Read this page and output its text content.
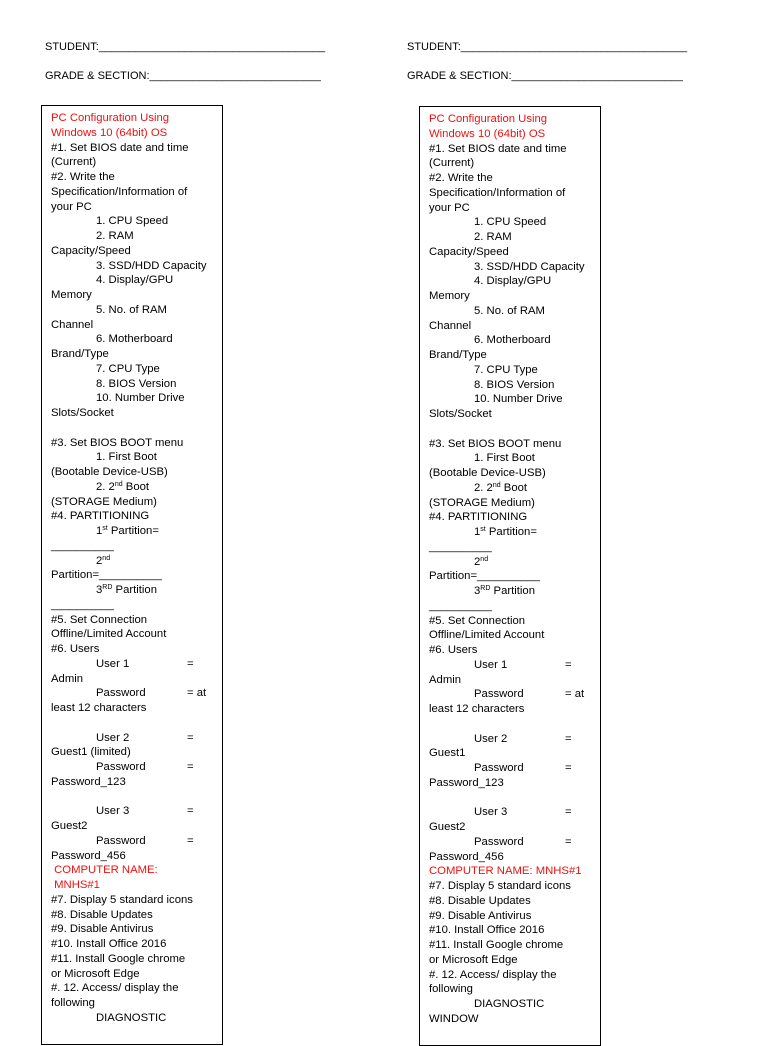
STUDENT:_____________________________________
GRADE & SECTION:____________________________
STUDENT:_____________________________________
GRADE & SECTION:____________________________
PC Configuration Using
Windows 10 (64bit) OS
#1. Set BIOS date and time
(Current)
#2. Write the
Specification/Information of
your PC
1. CPU Speed
2. RAM
Capacity/Speed
3. SSD/HDD Capacity
4. Display/GPU
Memory
5. No. of RAM
Channel
6. Motherboard
Brand/Type
7. CPU Type
8. BIOS Version
10. Number Drive
Slots/Socket
#3. Set BIOS BOOT menu
1. First Boot
(Bootable Device-USB)
2. 2nd Boot
(STORAGE Medium)
#4. PARTITIONING
1st Partition=
__________
2nd
Partition=__________
3RD Partition
__________
#5. Set Connection
Offline/Limited Account
#6. Users
User 1	=
Admin
Password	= at
least 12 characters
User 2	=
Guest1 (limited)
Password	=
Password_123
User 3	=
Guest2
Password	=
Password_456
COMPUTER NAME:
MNHS#1
#7. Display 5 standard icons
#8. Disable Updates
#9. Disable Antivirus
#10. Install Office 2016
#11. Install Google chrome
or Microsoft Edge
#. 12. Access/ display the
following
DIAGNOSTIC
PC Configuration Using
Windows 10 (64bit) OS
#1. Set BIOS date and time
(Current)
#2. Write the
Specification/Information of
your PC
1. CPU Speed
2. RAM
Capacity/Speed
3. SSD/HDD Capacity
4. Display/GPU
Memory
5. No. of RAM
Channel
6. Motherboard
Brand/Type
7. CPU Type
8. BIOS Version
10. Number Drive
Slots/Socket
#3. Set BIOS BOOT menu
1. First Boot
(Bootable Device-USB)
2. 2nd Boot
(STORAGE Medium)
#4. PARTITIONING
1st Partition=
__________
2nd
Partition=__________
3RD Partition
__________
#5. Set Connection
Offline/Limited Account
#6. Users
User 1	=
Admin
Password	= at
least 12 characters
User 2	=
Guest1
Password	=
Password_123
User 3	=
Guest2
Password	=
Password_456
COMPUTER NAME: MNHS#1
#7. Display 5 standard icons
#8. Disable Updates
#9. Disable Antivirus
#10. Install Office 2016
#11. Install Google chrome
or Microsoft Edge
#. 12. Access/ display the
following
DIAGNOSTIC
WINDOW
